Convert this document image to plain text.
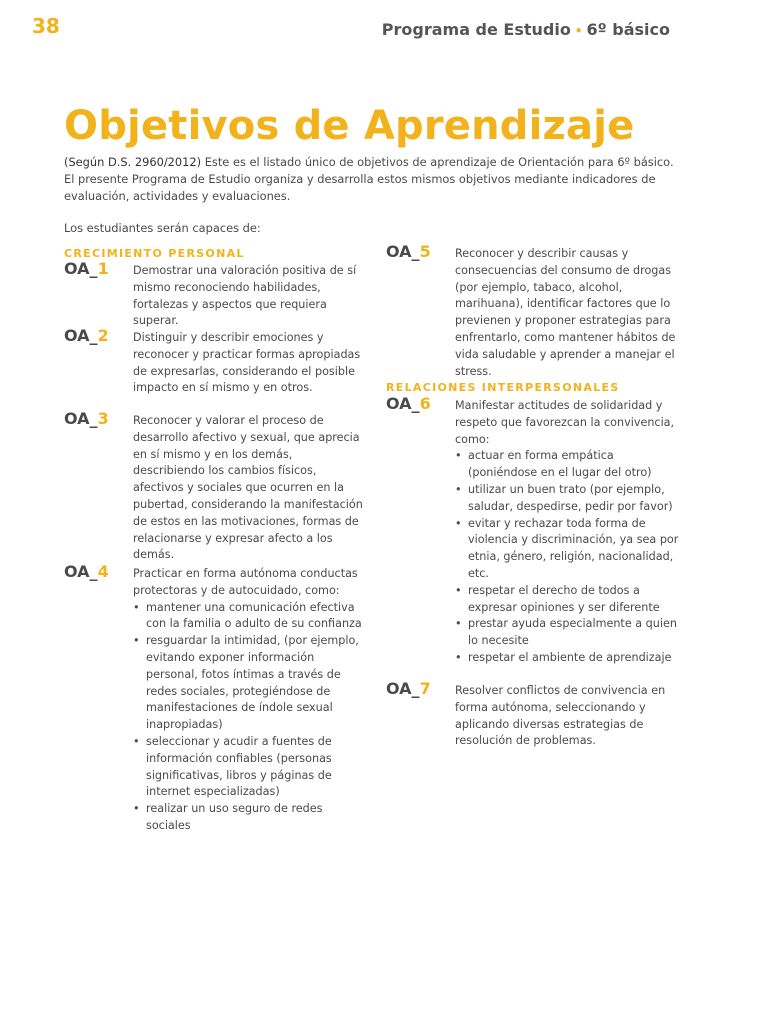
38	Programa de Estudio • 6º básico
Objetivos de Aprendizaje

(Según D.S. 2960/2012) Este es el listado único de objetivos de aprendizaje de Orientación para 6º básico. El presente Programa de Estudio organiza y desarrolla estos mismos objetivos mediante indicadores de evaluación, actividades y evaluaciones.

Los estudiantes serán capaces de:

CRECIMIENTO PERSONAL
OA_1 Demostrar una valoración positiva de sí mismo reconociendo habilidades, fortalezas y aspectos que requiera superar.

OA_2 Distinguir y describir emociones y reconocer y practicar formas apropiadas de expresarlas, considerando el posible impacto en sí mismo y en otros.

OA_3 Reconocer y valorar el proceso de desarrollo afectivo y sexual, que aprecia en sí mismo y en los demás, describiendo los cambios físicos, afectivos y sociales que ocurren en la pubertad, considerando la manifestación de estos en las motivaciones, formas de relacionarse y expresar afecto a los demás.

OA_4 Practicar en forma autónoma conductas protectoras y de autocuidado, como:

• mantener una comunicación efectiva con la familia o adulto de su confianza
• resguardar la intimidad, (por ejemplo, evitando exponer información personal, fotos íntimas a través de redes sociales, protegiéndose de manifestaciones de índole sexual inapropiadas)
• seleccionar y acudir a fuentes de información confiables (personas significativas, libros y páginas de internet especializadas)
• realizar un uso seguro de redes sociales
OA_5 Reconocer y describir causas y consecuencias del consumo de drogas (por ejemplo, tabaco, alcohol, marihuana), identificar factores que lo previenen y proponer estrategias para enfrentarlo, como mantener hábitos de vida saludable y aprender a manejar el stress.

RELACIONES INTERPERSONALES
OA_6 Manifestar actitudes de solidaridad y respeto que favorezcan la convivencia, como:

• actuar en forma empática (poniéndose en el lugar del otro)
• utilizar un buen trato (por ejemplo, saludar, despedirse, pedir por favor)
• evitar y rechazar toda forma de violencia y discriminación, ya sea por etnia, género, religión, nacionalidad, etc.
• respetar el derecho de todos a expresar opiniones y ser diferente
• prestar ayuda especialmente a quien lo necesite
• respetar el ambiente de aprendizaje
OA_7 Resolver conflictos de convivencia en forma autónoma, seleccionando y aplicando diversas estrategias de resolución de problemas.
